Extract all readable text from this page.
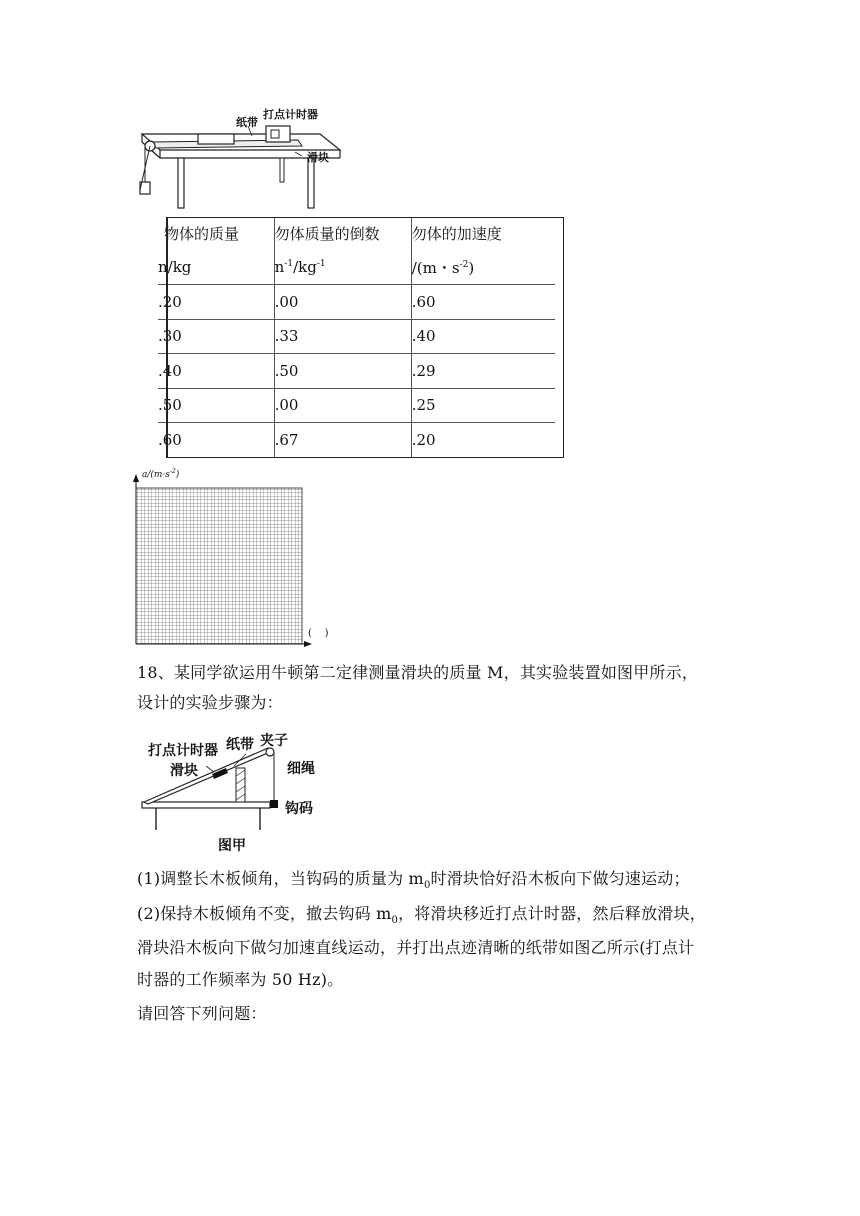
打点计时器
纸带
滑块
物体的质量	勿体质量的倒数	勿体的加速度
n/kg	$n^{-1}/kg^{-1}$	/(m・$s^{-2}$)
.20	.00	.60
.30	.33	.40
.40	.50	.29
.50	.00	.25
.60	.67	.20
$a/(m\cdot s^{-2})$
(    )
18、某同学欲运用牛顿第二定律测量滑块的质量 M，其实验装置如图甲所示，
设计的实验步骤为：
打点计时器 纸带 夹子
滑块	细绳
钩码
图甲
(1)调整长木板倾角，当钩码的质量为 $m_0$时滑块恰好沿木板向下做匀速运动；
(2)保持木板倾角不变，撤去钩码 $m_0$，将滑块移近打点计时器，然后释放滑块，
滑块沿木板向下做匀加速直线运动，并打出点迹清晰的纸带如图乙所示(打点计
时器的工作频率为 50 Hz)。
请回答下列问题：
